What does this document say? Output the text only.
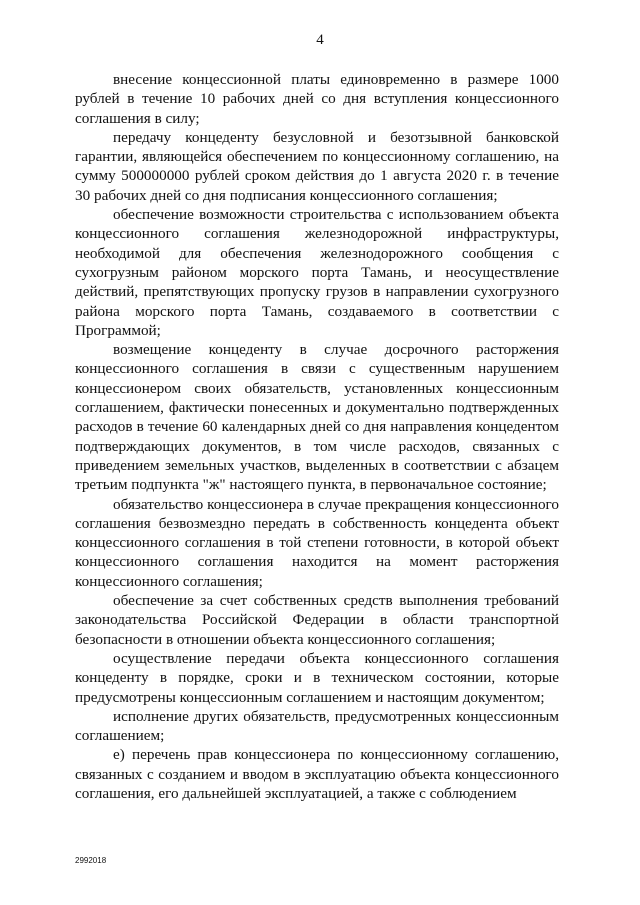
4

внесение концессионной платы единовременно в размере 1000 рублей в течение 10 рабочих дней со дня вступления концессионного соглашения в силу;

передачу концеденту безусловной и безотзывной банковской гарантии, являющейся обеспечением по концессионному соглашению, на сумму 500000000 рублей сроком действия до 1 августа 2020 г. в течение 30 рабочих дней со дня подписания концессионного соглашения;

обеспечение возможности строительства с использованием объекта концессионного соглашения железнодорожной инфраструктуры, необходимой для обеспечения железнодорожного сообщения с сухогрузным районом морского порта Тамань, и неосуществление действий, препятствующих пропуску грузов в направлении сухогрузного района морского порта Тамань, создаваемого в соответствии с Программой;

возмещение концеденту в случае досрочного расторжения концессионного соглашения в связи с существенным нарушением концессионером своих обязательств, установленных концессионным соглашением, фактически понесенных и документально подтвержденных расходов в течение 60 календарных дней со дня направления концедентом подтверждающих документов, в том числе расходов, связанных с приведением земельных участков, выделенных в соответствии с абзацем третьим подпункта "ж" настоящего пункта, в первоначальное состояние;

обязательство концессионера в случае прекращения концессионного соглашения безвозмездно передать в собственность концедента объект концессионного соглашения в той степени готовности, в которой объект концессионного соглашения находится на момент расторжения концессионного соглашения;

обеспечение за счет собственных средств выполнения требований законодательства Российской Федерации в области транспортной безопасности в отношении объекта концессионного соглашения;

осуществление передачи объекта концессионного соглашения концеденту в порядке, сроки и в техническом состоянии, которые предусмотрены концессионным соглашением и настоящим документом;

исполнение других обязательств, предусмотренных концессионным соглашением;

е) перечень прав концессионера по концессионному соглашению, связанных с созданием и вводом в эксплуатацию объекта концессионного соглашения, его дальнейшей эксплуатацией, а также с соблюдением

2992018
